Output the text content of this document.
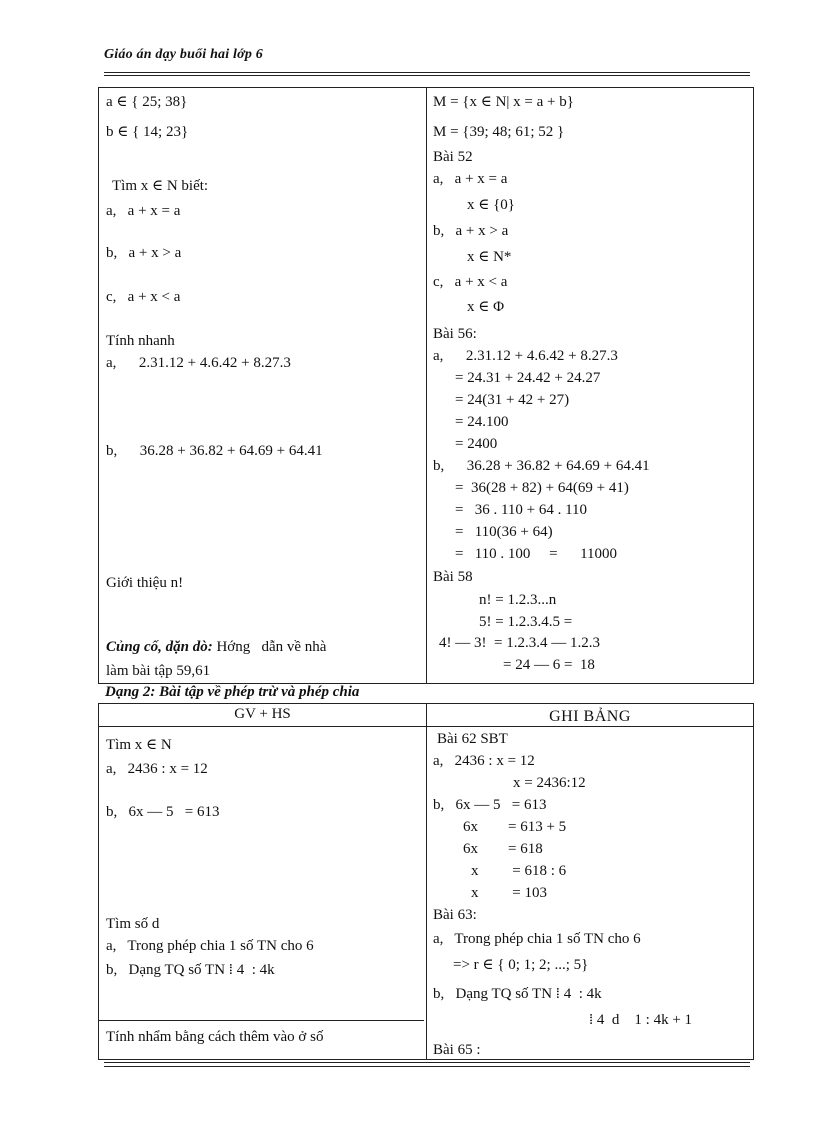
Giáo án dạy buổi hai lớp 6
a ∈ { 25; 38}
b ∈ { 14; 23}
Tìm x ∈ N biết:
a,   a + x = a
b,   a + x > a
c,   a + x < a
Tính nhanh
a,      2.31.12 + 4.6.42 + 8.27.3
b,      36.28 + 36.82 + 64.69 + 64.41
Giới thiệu n!
Củng cố, dặn dò: Hớng   dẫn về nhà
làm bài tập 59,61
M = {x ∈ N| x = a + b}
M = {39; 48; 61; 52 }
Bài 52
a,   a + x = a
x ∈ {0}
b,   a + x > a
x ∈ N*
c,   a + x < a
x ∈ Φ
Bài 56:
a,      2.31.12 + 4.6.42 + 8.27.3
= 24.31 + 24.42 + 24.27
= 24(31 + 42 + 27)
= 24.100
= 2400
b,      36.28 + 36.82 + 64.69 + 64.41
=  36(28 + 82) + 64(69 + 41)
=   36 . 110 + 64 . 110
=   110(36 + 64)
=   110 . 100     =      11000
Bài 58
n! = 1.2.3...n
5! = 1.2.3.4.5 =
4! — 3!  = 1.2.3.4 — 1.2.3
= 24 — 6 =  18
Dạng 2: Bài tập về phép trừ và phép chia
GV + HS	GHI BẢNG
Tìm x ∈ N
a,   2436 : x = 12
b,   6x — 5   = 613
Tìm số d
a,   Trong phép chia 1 số TN cho 6
b,   Dạng TQ số TN ⁞ 4  : 4k
Tính nhẩm bằng cách thêm vào ở số
Bài 62 SBT
a,   2436 : x = 12
x = 2436:12
b,   6x — 5   = 613
6x        = 613 + 5
6x        = 618
x         = 618 : 6
x         = 103
Bài 63:
a,   Trong phép chia 1 số TN cho 6
=> r ∈ { 0; 1; 2; ...; 5}
b,   Dạng TQ số TN ⁞ 4  : 4k
⁞ 4  d    1 : 4k + 1
Bài 65 :
